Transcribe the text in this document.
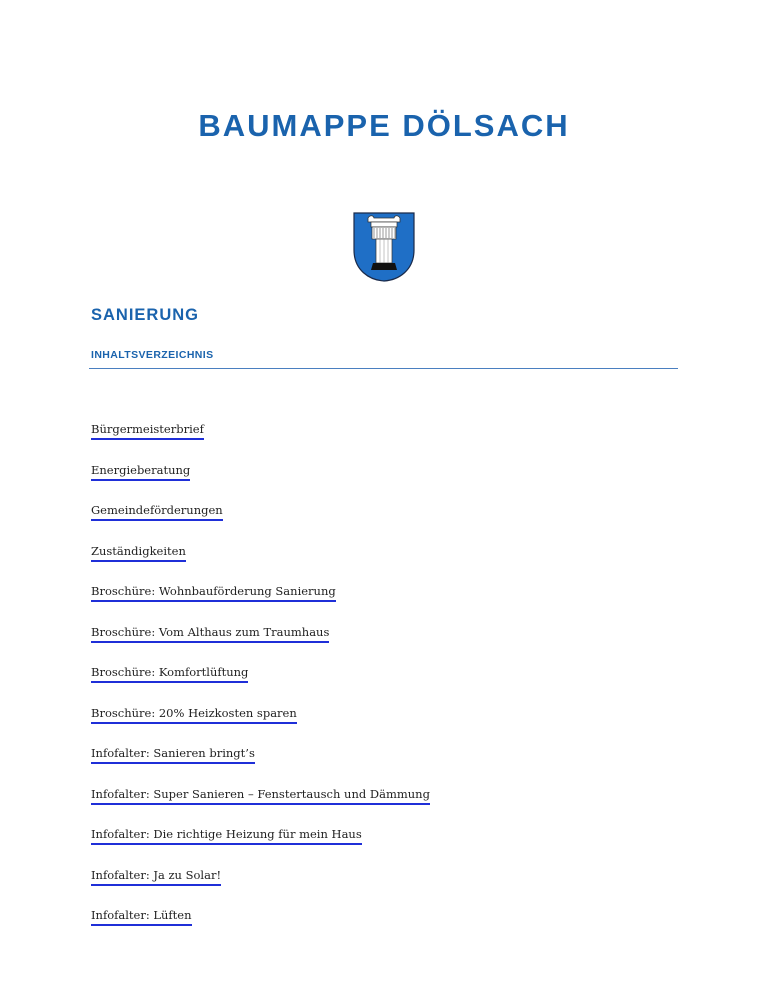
BAUMAPPE DÖLSACH
SANIERUNG
INHALTSVERZEICHNIS
Bürgermeisterbrief
Energieberatung
Gemeindeförderungen
Zuständigkeiten
Broschüre: Wohnbauförderung Sanierung
Broschüre: Vom Althaus zum Traumhaus
Broschüre: Komfortlüftung
Broschüre: 20% Heizkosten sparen
Infofalter: Sanieren bringt’s
Infofalter: Super Sanieren – Fenstertausch und Dämmung
Infofalter: Die richtige Heizung für mein Haus
Infofalter: Ja zu Solar!
Infofalter: Lüften
